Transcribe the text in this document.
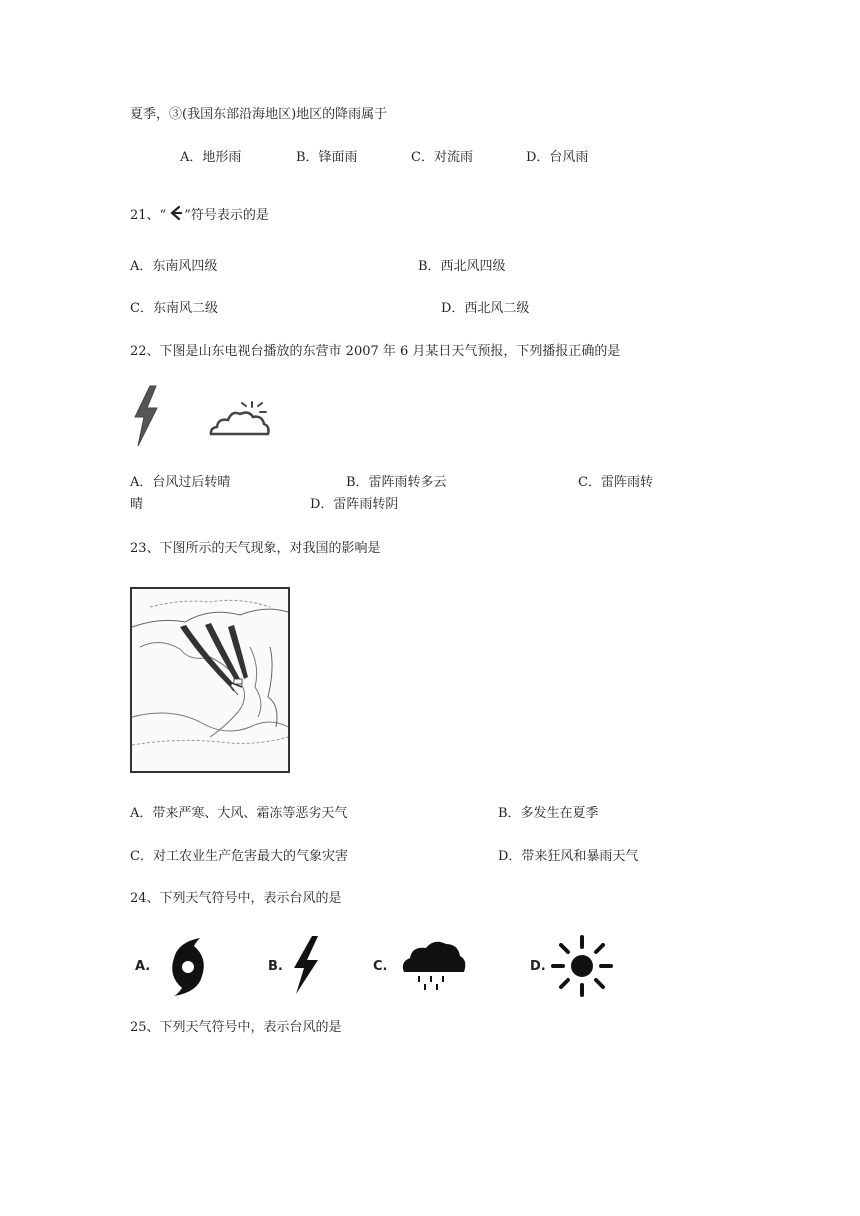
夏季，③(我国东部沿海地区)地区的降雨属于
A．地形雨	B．锋面雨	C．对流雨	D．台风雨
21、“ ”符号表示的是
A．东南风四级	B．西北风四级
C．东南风二级	D．西北风二级
22、下图是山东电视台播放的东营市 2007 年 6 月某日天气预报，下列播报正确的是
A．台风过后转晴	B．雷阵雨转多云	C．雷阵雨转
晴	D．雷阵雨转阴
23、下图所示的天气现象，对我国的影响是
A．带来严寒、大风、霜冻等恶劣天气	B．多发生在夏季
C．对工农业生产危害最大的气象灾害	D．带来狂风和暴雨天气
24、下列天气符号中，表示台风的是
A.	B.	C.	D.
25、下列天气符号中，表示台风的是
